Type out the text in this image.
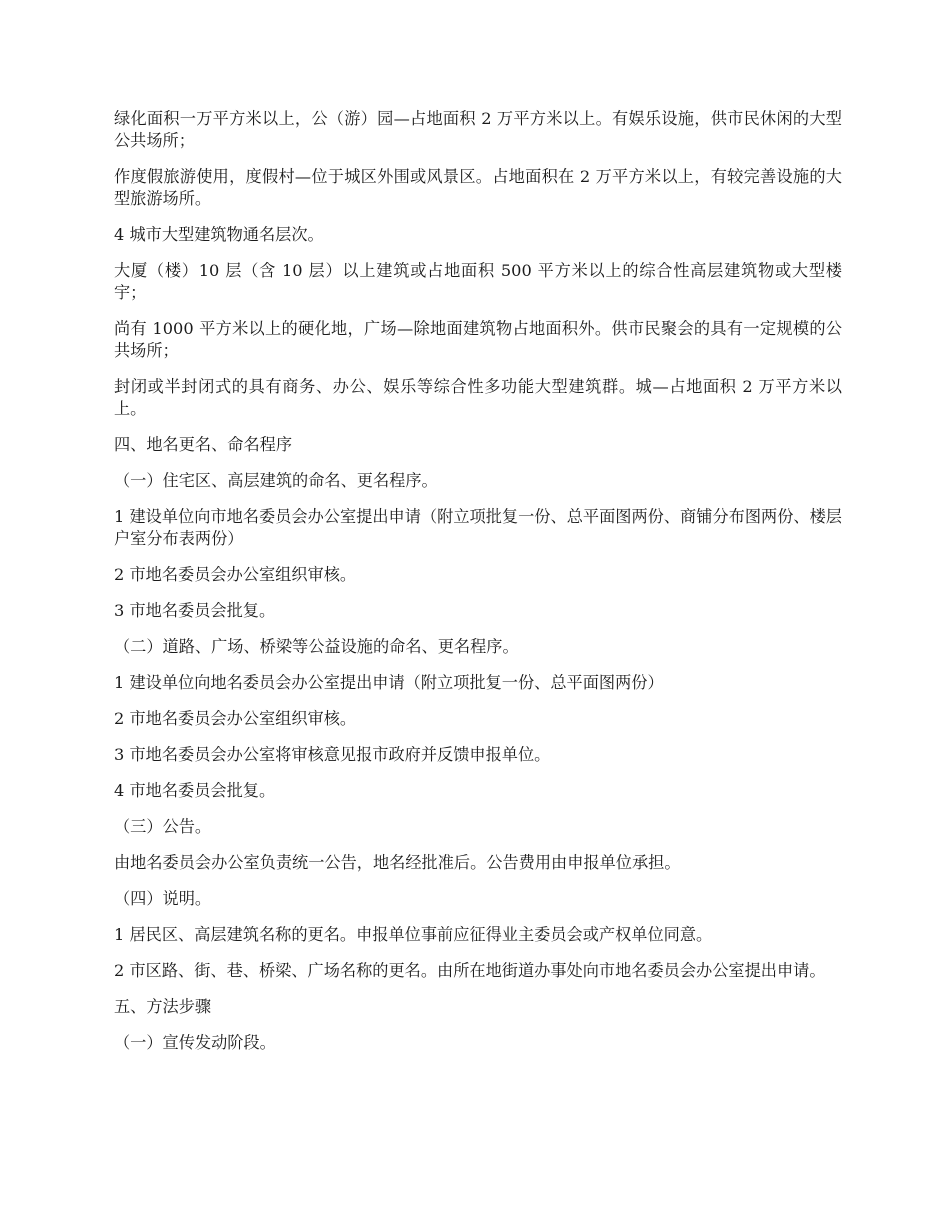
绿化面积一万平方米以上，公（游）园—占地面积 2 万平方米以上。有娱乐设施，供市民休闲的大型公共场所；

作度假旅游使用，度假村—位于城区外围或风景区。占地面积在 2 万平方米以上，有较完善设施的大型旅游场所。

4 城市大型建筑物通名层次。

大厦（楼）10 层（含 10 层）以上建筑或占地面积 500 平方米以上的综合性高层建筑物或大型楼宇；

尚有 1000 平方米以上的硬化地，广场—除地面建筑物占地面积外。供市民聚会的具有一定规模的公共场所；

封闭或半封闭式的具有商务、办公、娱乐等综合性多功能大型建筑群。城—占地面积 2 万平方米以上。

四、地名更名、命名程序

（一）住宅区、高层建筑的命名、更名程序。

1 建设单位向市地名委员会办公室提出申请（附立项批复一份、总平面图两份、商铺分布图两份、楼层户室分布表两份）

2 市地名委员会办公室组织审核。

3 市地名委员会批复。

（二）道路、广场、桥梁等公益设施的命名、更名程序。

1 建设单位向地名委员会办公室提出申请（附立项批复一份、总平面图两份）

2 市地名委员会办公室组织审核。

3 市地名委员会办公室将审核意见报市政府并反馈申报单位。

4 市地名委员会批复。

（三）公告。

由地名委员会办公室负责统一公告，地名经批准后。公告费用由申报单位承担。

（四）说明。

1 居民区、高层建筑名称的更名。申报单位事前应征得业主委员会或产权单位同意。

2 市区路、街、巷、桥梁、广场名称的更名。由所在地街道办事处向市地名委员会办公室提出申请。

五、方法步骤

（一）宣传发动阶段。
